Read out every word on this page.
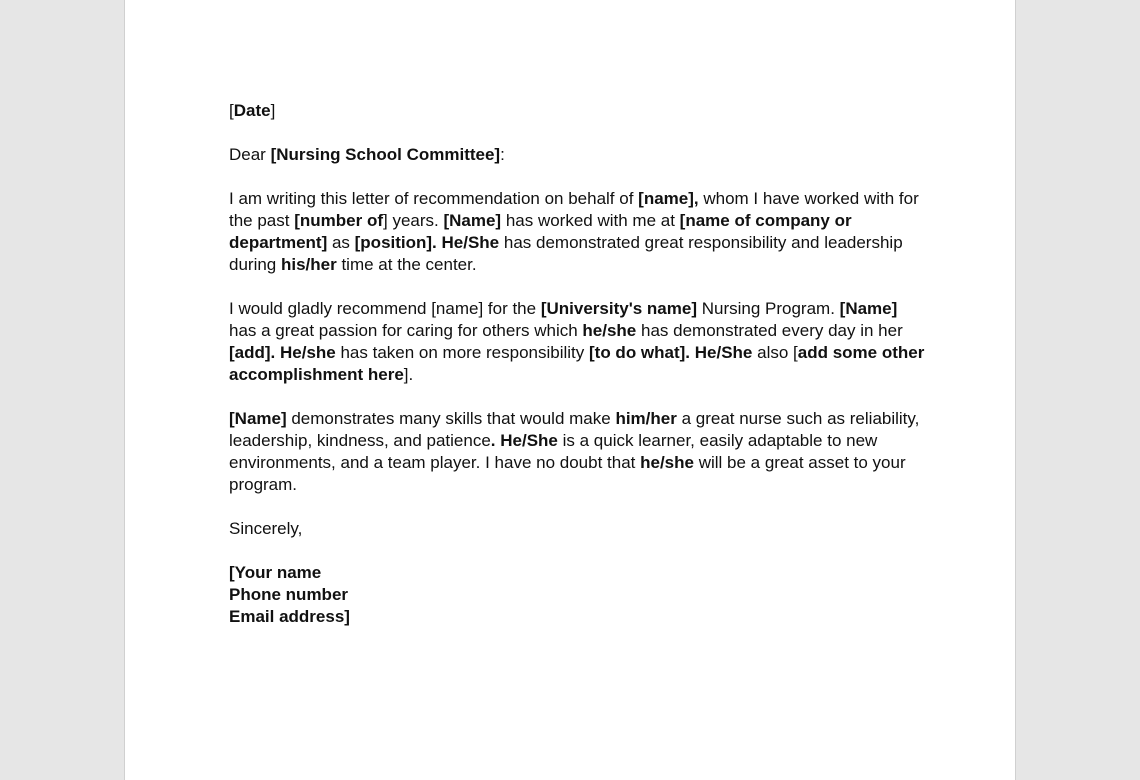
[Date]

Dear [Nursing School Committee]:

I am writing this letter of recommendation on behalf of [name], whom I have worked with for the past [number of] years. [Name] has worked with me at [name of company or department] as [position]. He/She has demonstrated great responsibility and leadership during his/her time at the center.

I would gladly recommend [name] for the [University's name] Nursing Program. [Name] has a great passion for caring for others which he/she has demonstrated every day in her [add]. He/she has taken on more responsibility [to do what]. He/She also [add some other accomplishment here].

[Name] demonstrates many skills that would make him/her a great nurse such as reliability, leadership, kindness, and patience. He/She is a quick learner, easily adaptable to new environments, and a team player. I have no doubt that he/she will be a great asset to your program.

Sincerely,

[Your name

Phone number

Email address]
